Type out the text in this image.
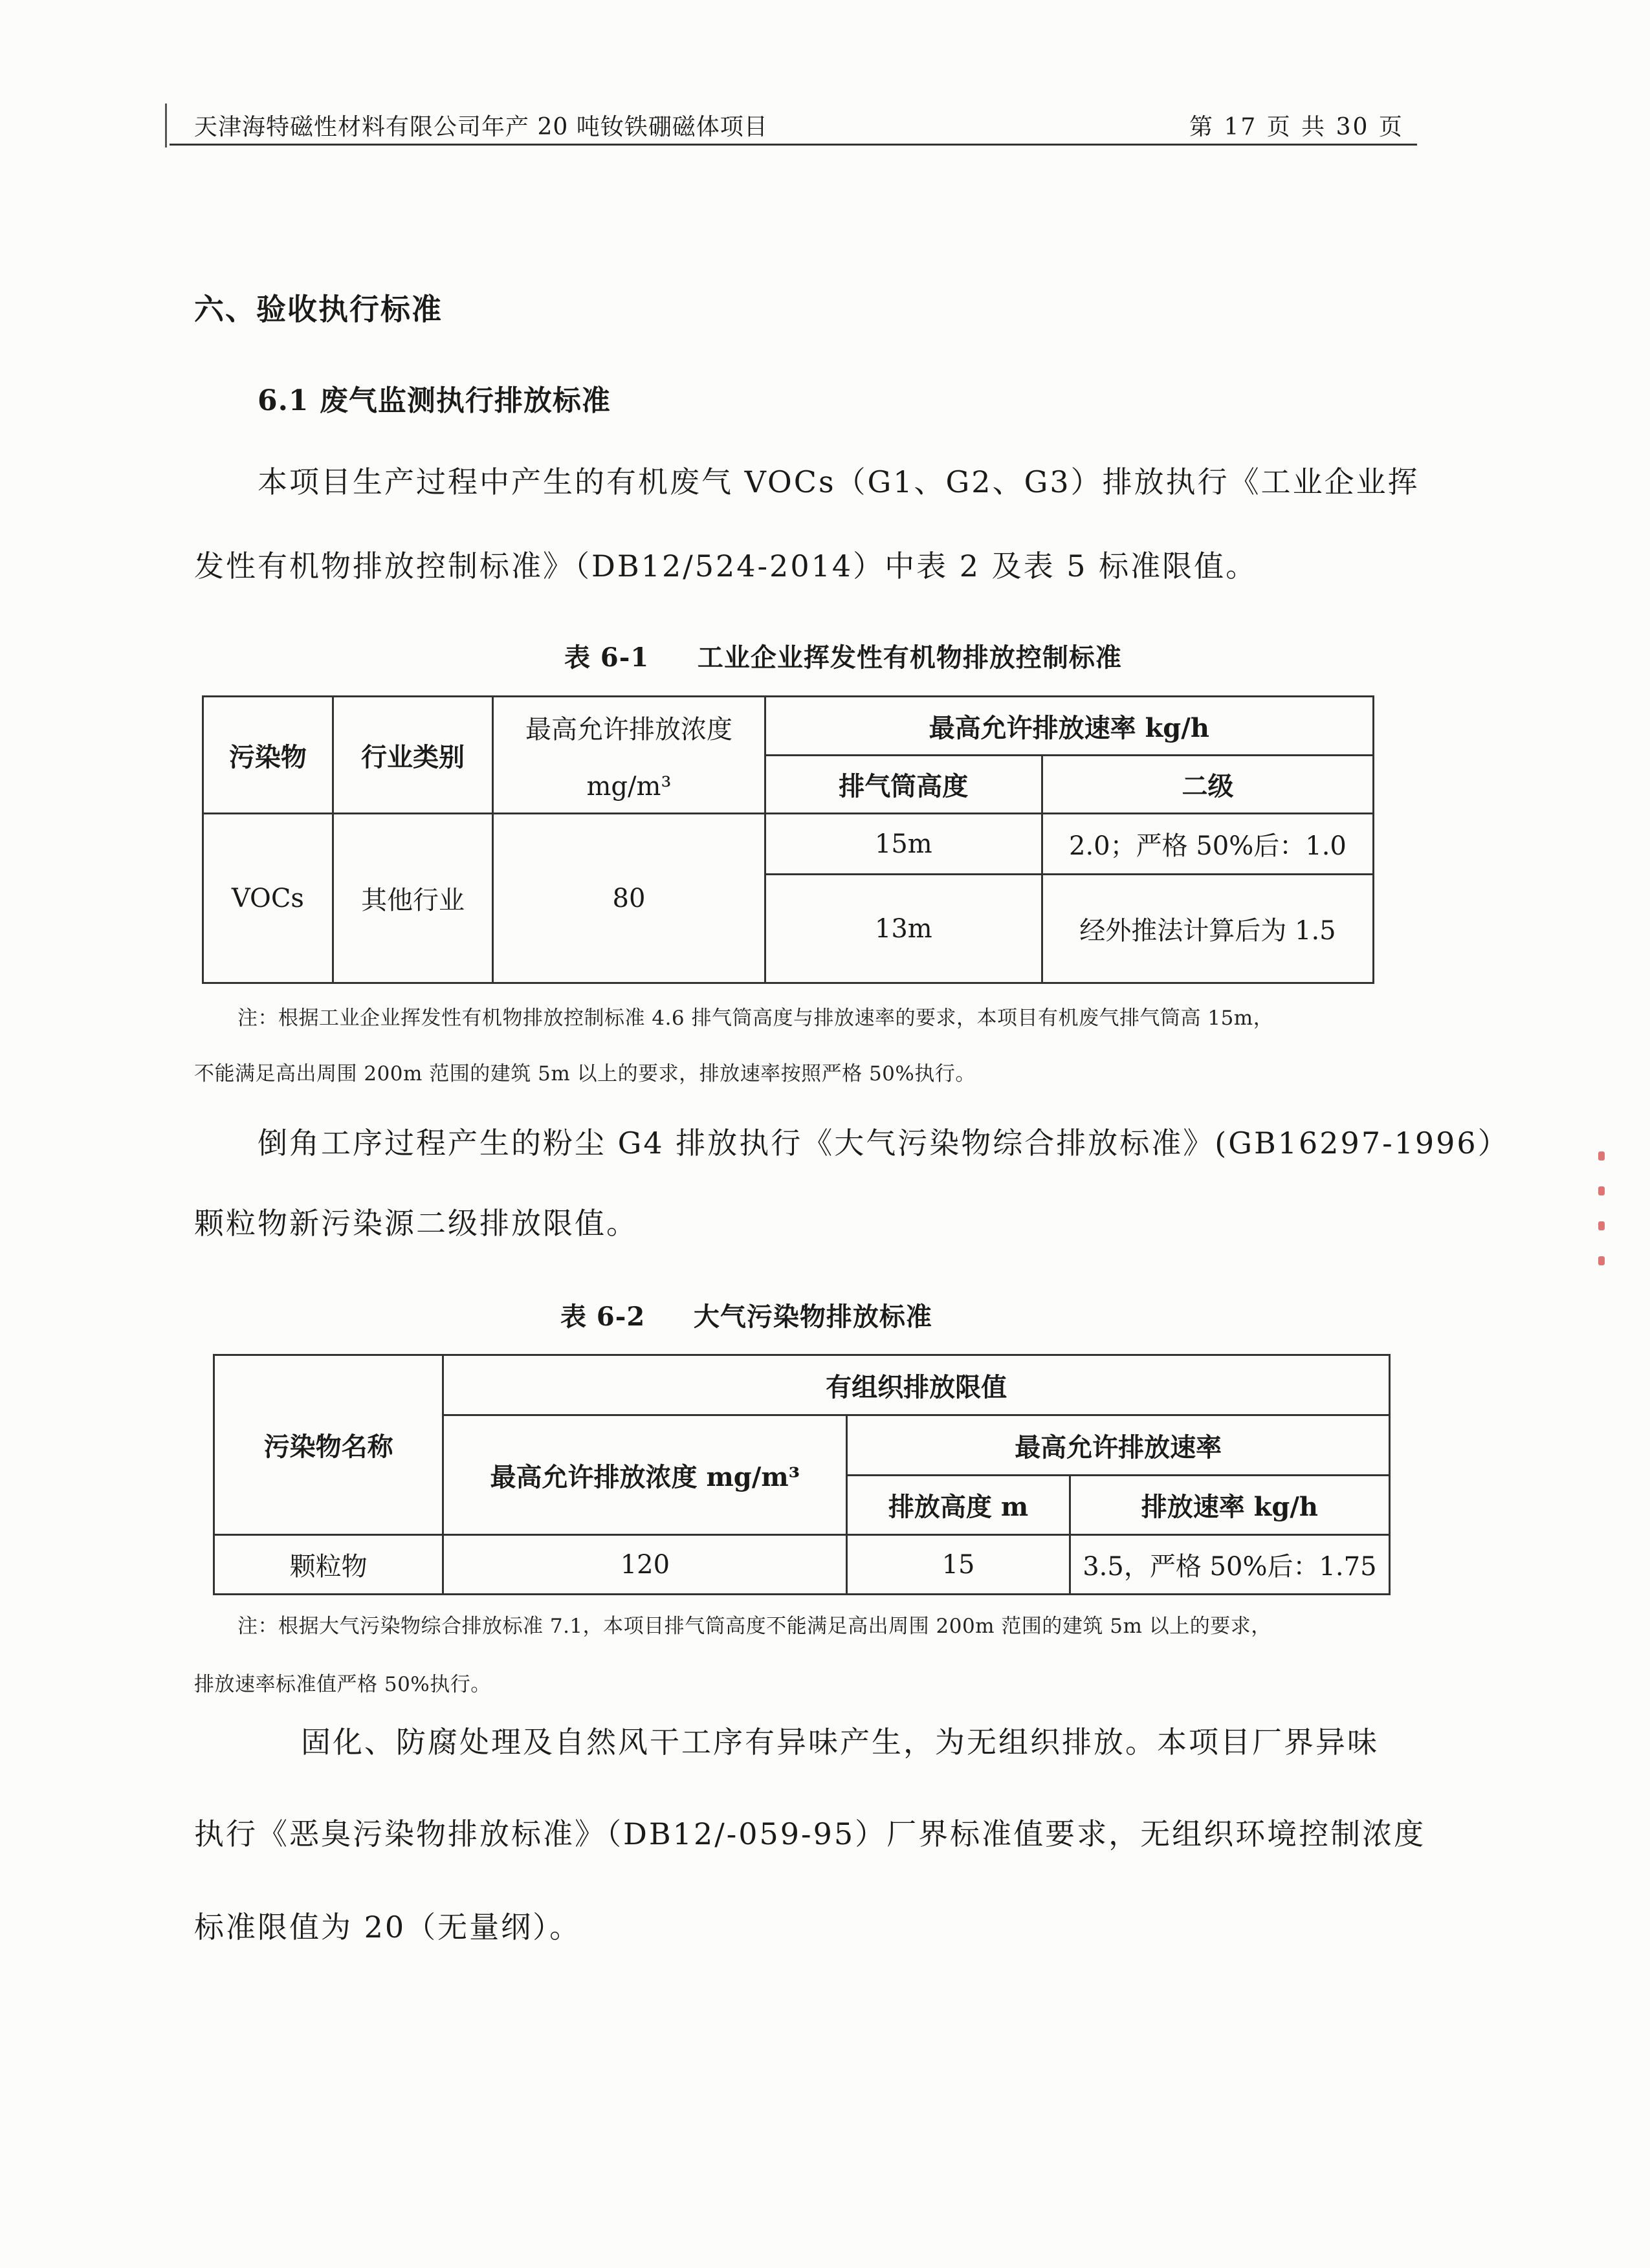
天津海特磁性材料有限公司年产 20 吨钕铁硼磁体项目	第 17 页 共 30 页
六、验收执行标准
6.1 废气监测执行排放标准
本项目生产过程中产生的有机废气 VOCs（G1、G2、G3）排放执行《工业企业挥
发性有机物排放控制标准》（DB12/524-2014）中表 2 及表 5 标准限值。
表 6-1     工业企业挥发性有机物排放控制标准
污染物	行业类别	最高允许排放浓度
mg/m³	最高允许排放速率 kg/h	
			排气筒高度	二级
VOCs	其他行业	80	15m	2.0；严格 50%后：1.0
			13m	经外推法计算后为 1.5
注：根据工业企业挥发性有机物排放控制标准 4.6 排气筒高度与排放速率的要求，本项目有机废气排气筒高 15m，
不能满足高出周围 200m 范围的建筑 5m 以上的要求，排放速率按照严格 50%执行。
倒角工序过程产生的粉尘 G4 排放执行《大气污染物综合排放标准》(GB16297-1996）
颗粒物新污染源二级排放限值。
表 6-2     大气污染物排放标准
污染物名称	有组织排放限值		
	最高允许排放浓度 mg/m³	最高允许排放速率	
		排放高度 m	排放速率 kg/h
颗粒物	120	15	3.5，严格 50%后：1.75
注：根据大气污染物综合排放标准 7.1，本项目排气筒高度不能满足高出周围 200m 范围的建筑 5m 以上的要求，
排放速率标准值严格 50%执行。
固化、防腐处理及自然风干工序有异味产生，为无组织排放。本项目厂界异味
执行《恶臭污染物排放标准》（DB12/-059-95）厂界标准值要求，无组织环境控制浓度
标准限值为 20（无量纲）。
